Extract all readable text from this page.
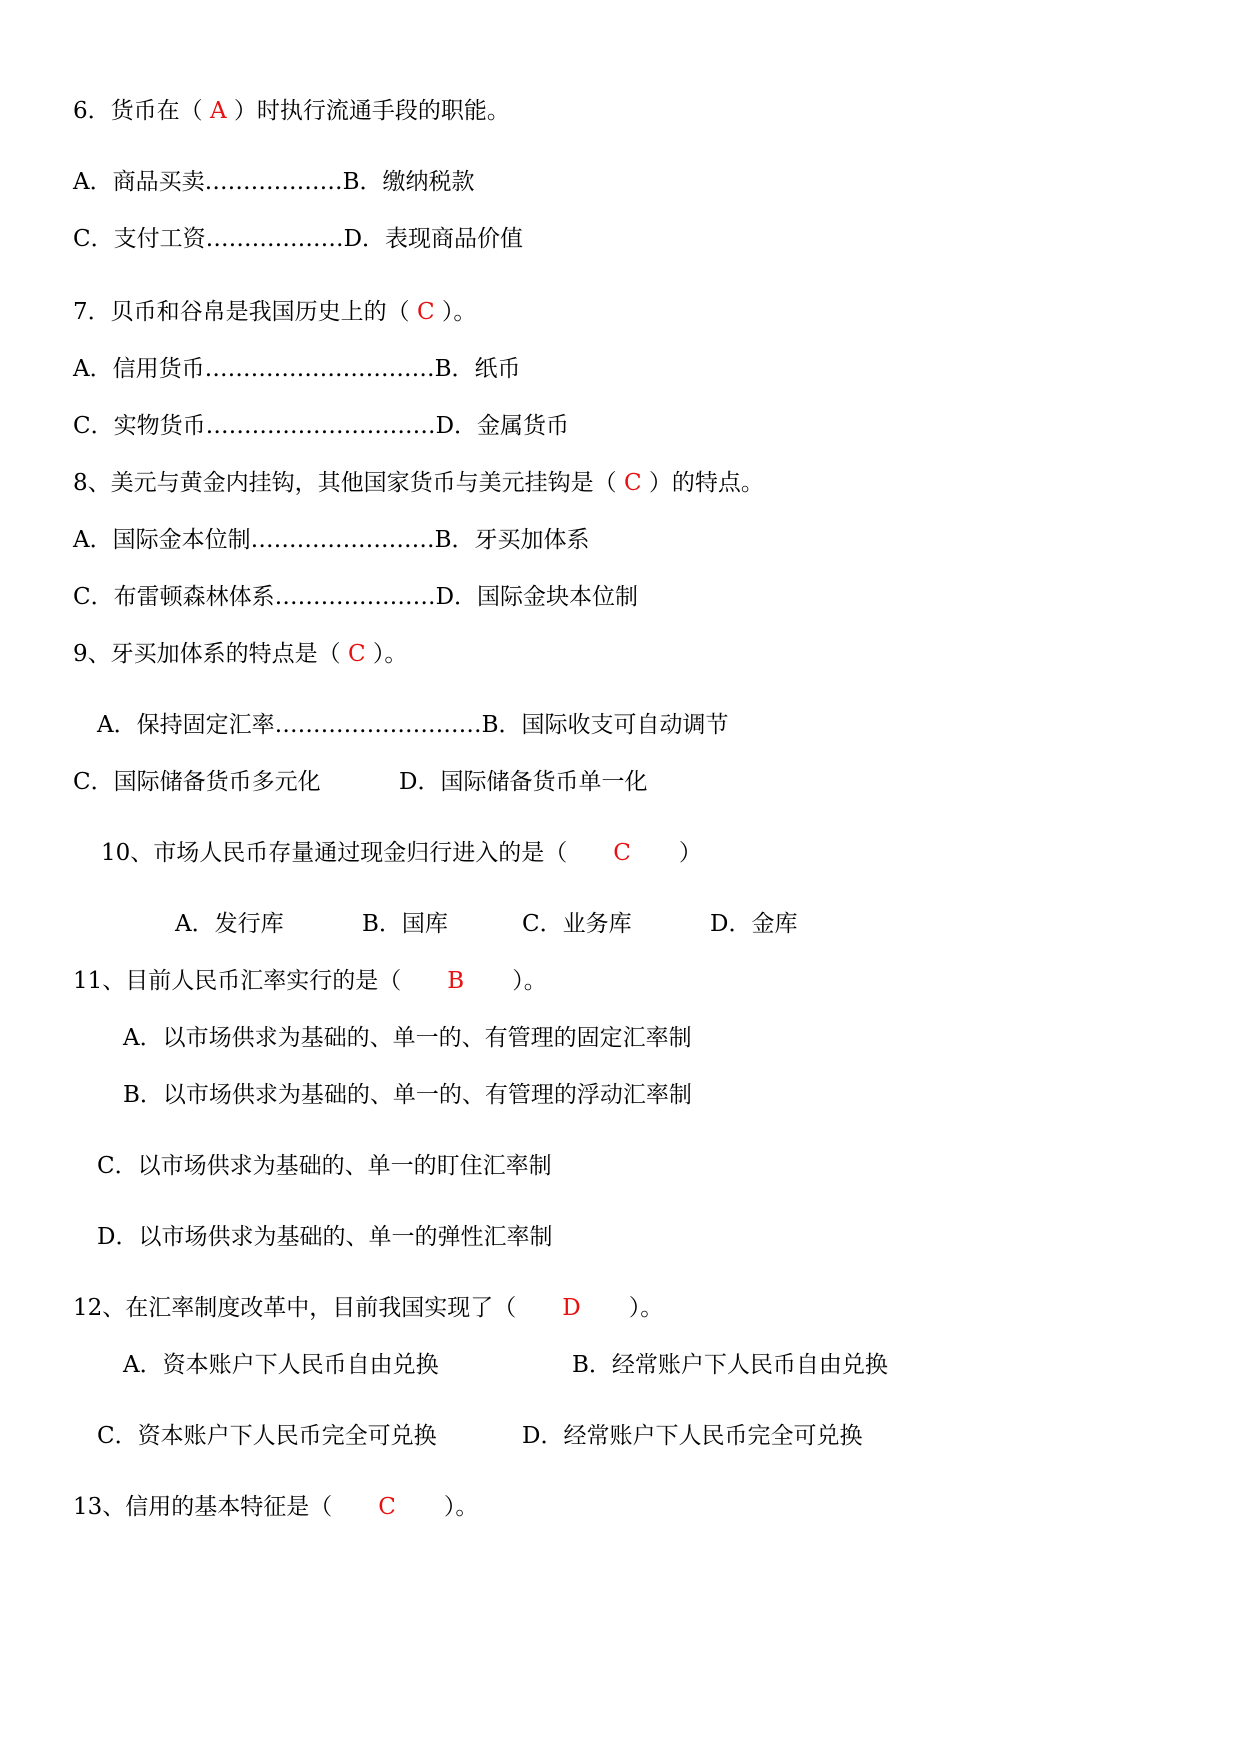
6．货币在（ A ）时执行流通手段的职能。
A．商品买卖………………B．缴纳税款
C．支付工资………………D．表现商品价值
7．贝币和谷帛是我国历史上的（ C ）。
A．信用货币…………………………B．纸币
C．实物货币…………………………D．金属货币
8、美元与黄金内挂钩，其他国家货币与美元挂钩是（ C ）的特点。
A．国际金本位制……………………B．牙买加体系
C．布雷顿森林体系…………………D．国际金块本位制
9、牙买加体系的特点是（ C ）。
A．保持固定汇率………………………B．国际收支可自动调节
C．国际储备货币多元化	D．国际储备货币单一化
10、市场人民币存量通过现金归行进入的是（ C ）
A．发行库	B．国库	C．业务库	D．金库
11、目前人民币汇率实行的是（ B ）。
A．以市场供求为基础的、单一的、有管理的固定汇率制
B．以市场供求为基础的、单一的、有管理的浮动汇率制
C．以市场供求为基础的、单一的盯住汇率制
D．以市场供求为基础的、单一的弹性汇率制
12、在汇率制度改革中，目前我国实现了（ D ）。
A．资本账户下人民币自由兑换	B．经常账户下人民币自由兑换
C．资本账户下人民币完全可兑换	D．经常账户下人民币完全可兑换
13、信用的基本特征是（ C ）。
